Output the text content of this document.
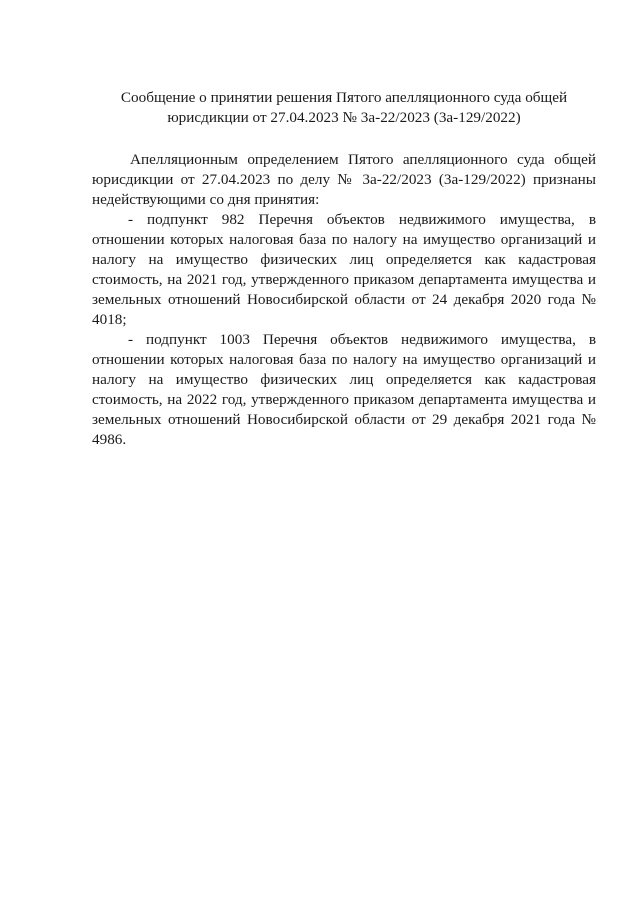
Сообщение о принятии решения Пятого апелляционного суда общей
юрисдикции от 27.04.2023 № 3а-22/2023 (3а-129/2022)

Апелляционным определением Пятого апелляционного суда общей юрисдикции от 27.04.2023 по делу № 3а-22/2023 (3а-129/2022) признаны недействующими со дня принятия:

- подпункт 982 Перечня объектов недвижимого имущества, в отношении которых налоговая база по налогу на имущество организаций и налогу на имущество физических лиц определяется как кадастровая стоимость, на 2021 год, утвержденного приказом департамента имущества и земельных отношений Новосибирской области от 24 декабря 2020 года № 4018;

- подпункт 1003 Перечня объектов недвижимого имущества, в отношении которых налоговая база по налогу на имущество организаций и налогу на имущество физических лиц определяется как кадастровая стоимость, на 2022 год, утвержденного приказом департамента имущества и земельных отношений Новосибирской области от 29 декабря 2021 года № 4986.
